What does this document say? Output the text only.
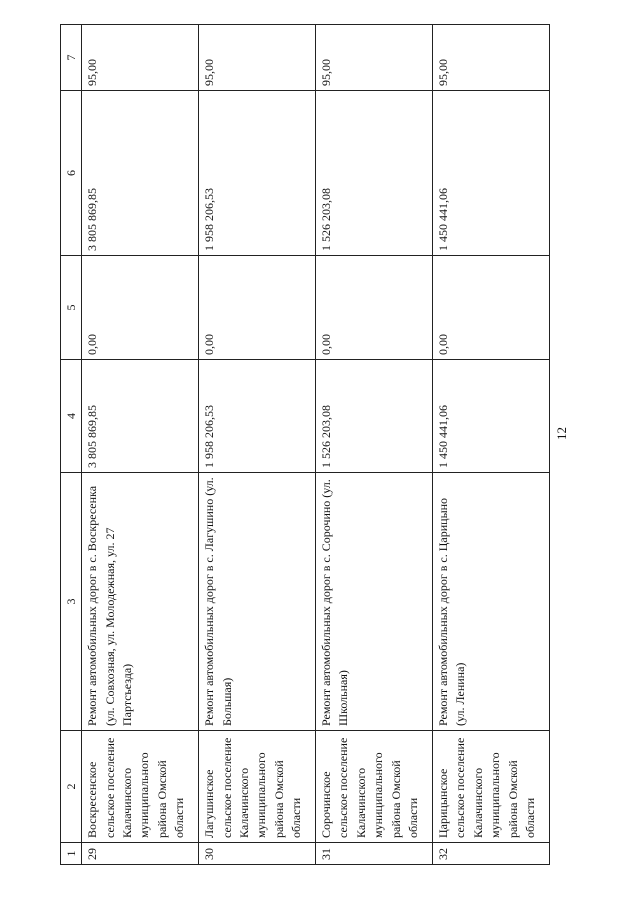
12
1	2	3	4	5	6	7
29	Воскресенское сельское поселение Калачинского муниципального района Омской области	Ремонт автомобильных дорог в с. Воскресенка (ул. Совхозная, ул. Молодежная, ул. 27 Партсъезда)	3 805 869,85	0,00	3 805 869,85	95,00
30	Лагушинское сельское поселение Калачинского муниципального района Омской области	Ремонт автомобильных дорог в с. Лагушино (ул. Большая)	1 958 206,53	0,00	1 958 206,53	95,00
31	Сорочинское сельское поселение Калачинского муниципального района Омской области	Ремонт автомобильных дорог в с. Сорочино (ул. Школьная)	1 526 203,08	0,00	1 526 203,08	95,00
32	Царицынское сельское поселение Калачинского муниципального района Омской области	Ремонт автомобильных дорог в с. Царицыно (ул. Ленина)	1 450 441,06	0,00	1 450 441,06	95,00
